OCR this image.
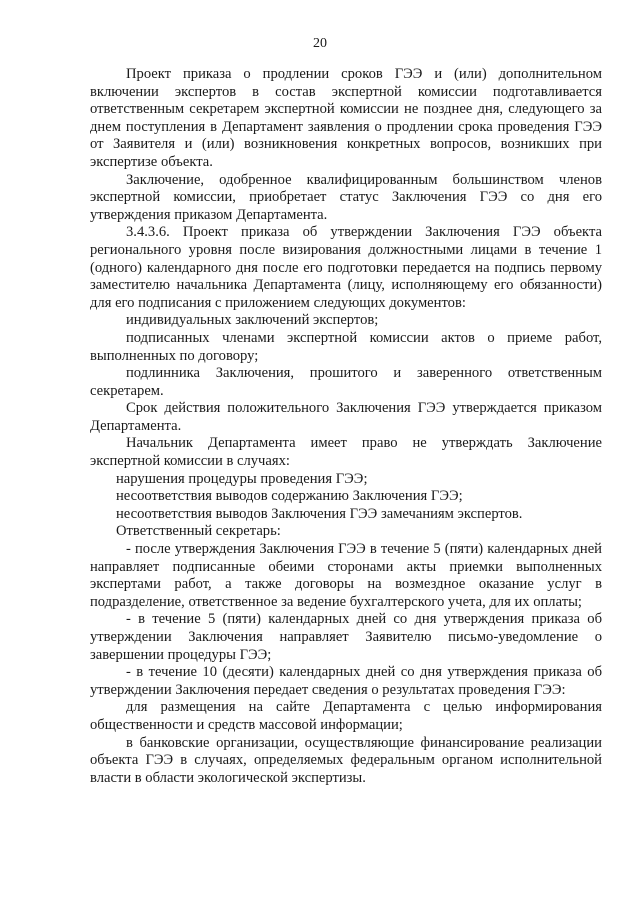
20

Проект приказа о продлении сроков ГЭЭ и (или) дополнительном включении экспертов в состав экспертной комиссии подготавливается ответственным секретарем экспертной комиссии не позднее дня, следующего за днем поступления в Департамент заявления о продлении срока проведения ГЭЭ от Заявителя и (или) возникновения конкретных вопросов, возникших при экспертизе объекта.

Заключение, одобренное квалифицированным большинством членов экспертной комиссии, приобретает статус Заключения ГЭЭ со дня его утверждения приказом Департамента.

3.4.3.6. Проект приказа об утверждении Заключения ГЭЭ объекта регионального уровня после визирования должностными лицами в течение 1 (одного) календарного дня после его подготовки передается на подпись первому заместителю начальника Департамента (лицу, исполняющему его обязанности) для его подписания с приложением следующих документов:

индивидуальных заключений экспертов;

подписанных членами экспертной комиссии актов о приеме работ, выполненных по договору;

подлинника Заключения, прошитого и заверенного ответственным секретарем.

Срок действия положительного Заключения ГЭЭ утверждается приказом Департамента.

Начальник Департамента имеет право не утверждать Заключение экспертной комиссии в случаях:

нарушения процедуры проведения ГЭЭ;

несоответствия выводов содержанию Заключения ГЭЭ;

несоответствия выводов Заключения ГЭЭ замечаниям экспертов.

Ответственный секретарь:

- после утверждения Заключения ГЭЭ в течение 5 (пяти) календарных дней направляет подписанные обеими сторонами акты приемки выполненных экспертами работ, а также договоры на возмездное оказание услуг в подразделение, ответственное за ведение бухгалтерского учета, для их оплаты;

- в течение 5 (пяти) календарных дней со дня утверждения приказа об утверждении Заключения направляет Заявителю письмо-уведомление о завершении процедуры ГЭЭ;

- в течение 10 (десяти) календарных дней со дня утверждения приказа об утверждении Заключения передает сведения о результатах проведения ГЭЭ:

для размещения на сайте Департамента с целью информирования общественности и средств массовой информации;

в банковские организации, осуществляющие финансирование реализации объекта ГЭЭ в случаях, определяемых федеральным органом исполнительной власти в области экологической экспертизы.
